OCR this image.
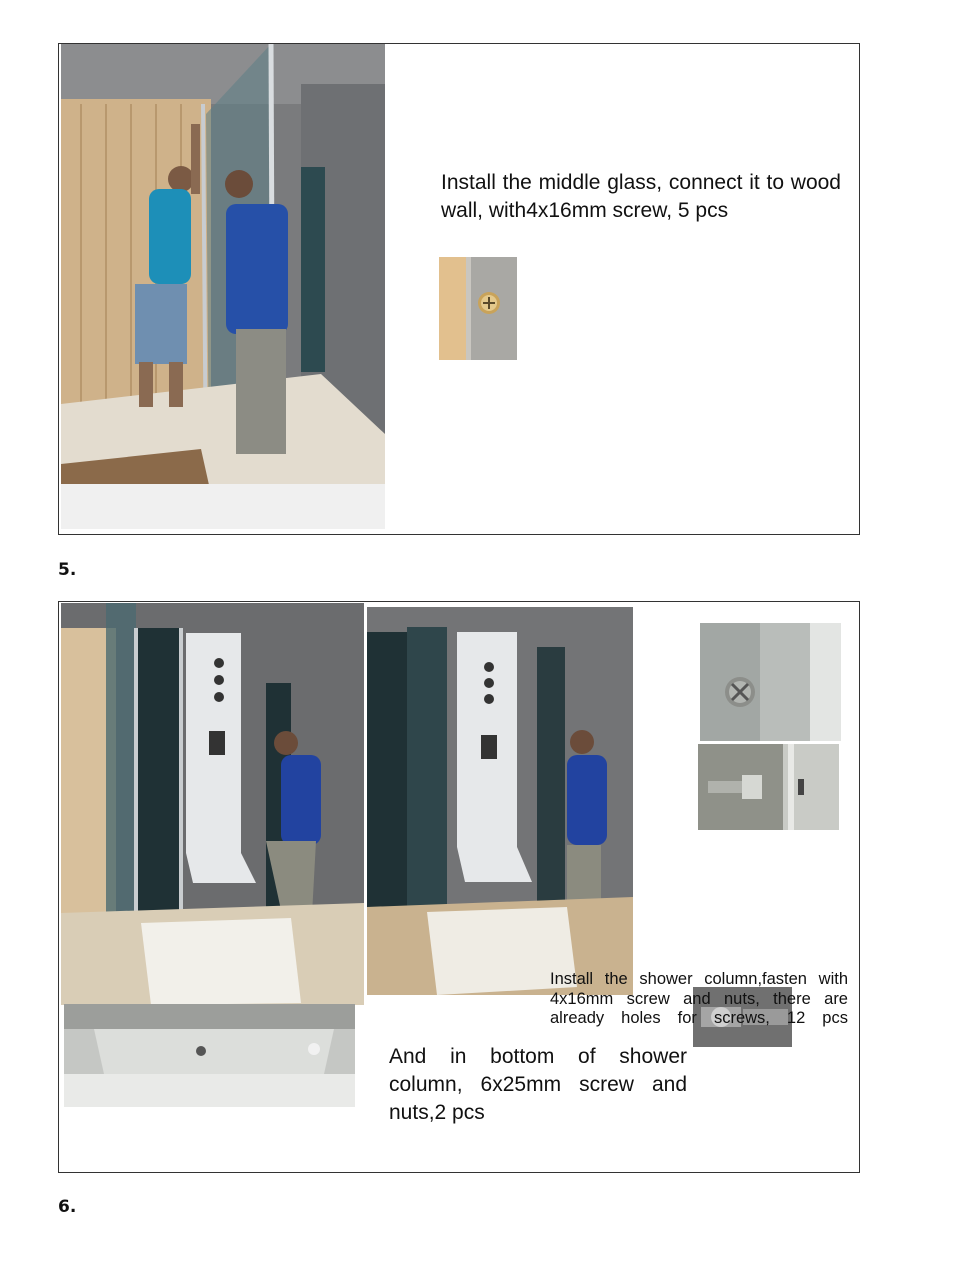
Install the middle glass, connect it to wood wall, with4x16mm screw, 5 pcs
5.
Install the shower column,fasten with 4x16mm screw and nuts, there are already holes for screws, 12 pcs
And in bottom of shower column, 6x25mm screw and nuts,2 pcs
6.
